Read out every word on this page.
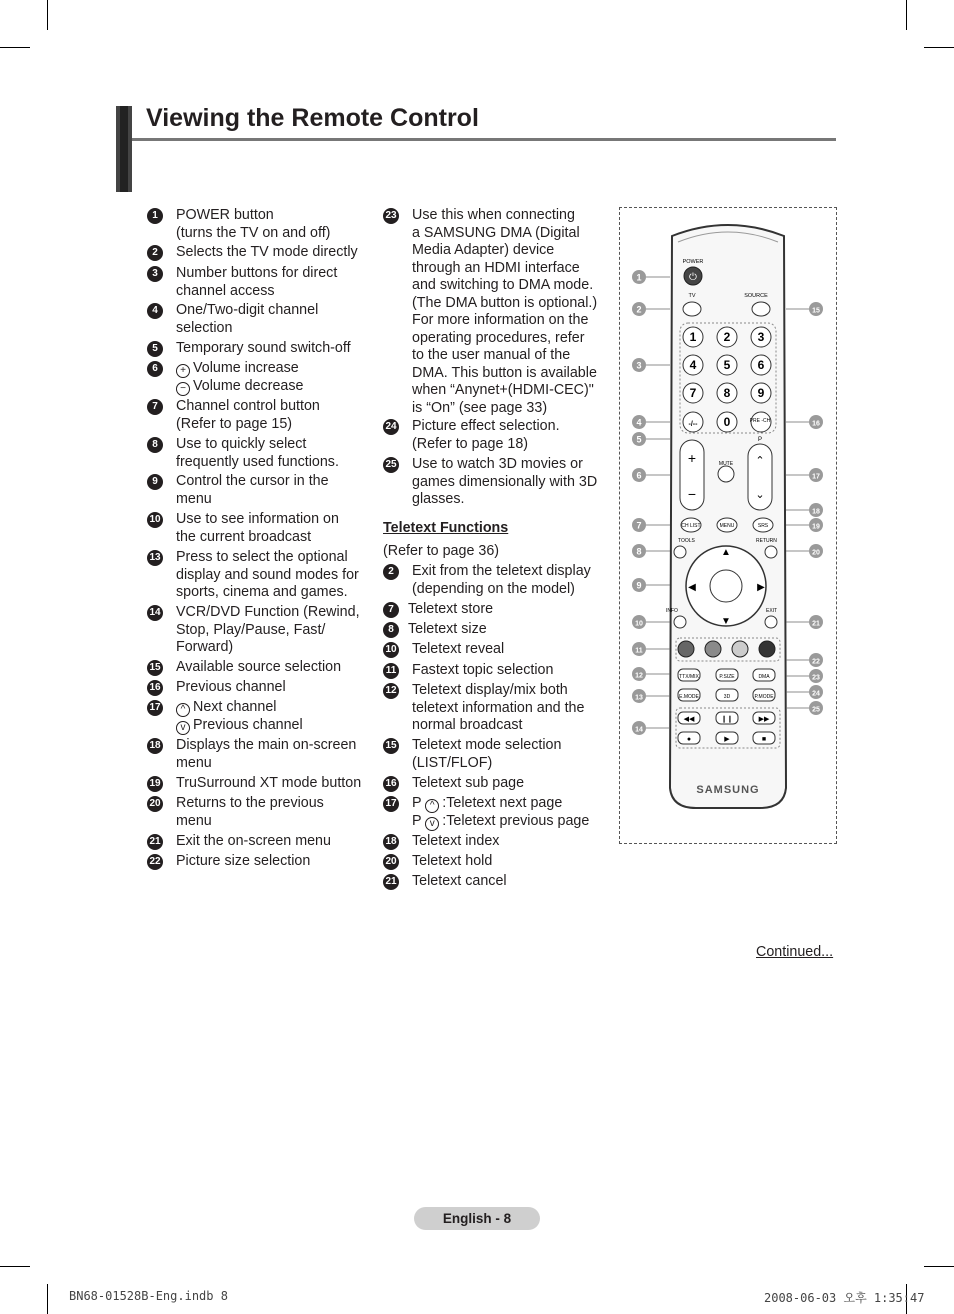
Viewing the Remote Control
1	POWER button
(turns the TV on and off)
2	Selects the TV mode directly
3	Number buttons for direct
channel access
4	One/Two-digit channel
selection
5	Temporary sound switch-off
6	+ Volume increase
− Volume decrease
7	Channel control button
(Refer to page 15)
8	Use to quickly select
frequently used functions.
9	Control the cursor in the
menu
10 Use to see information on
the current broadcast
13 Press to select the optional
display and sound modes for
sports, cinema and games.
14 VCR/DVD Function (Rewind,
Stop, Play/Pause, Fast/
Forward)
15 Available source selection
16 Previous channel
17	^ Next channel
v Previous channel
18 Displays the main on-screen
menu
19 TruSurround XT mode button
20 Returns to the previous
menu
21 Exit the on-screen menu
22 Picture size selection
23 Use this when connecting
a SAMSUNG DMA (Digital
Media Adapter) device
through an HDMI interface
and switching to DMA mode.
(The DMA button is optional.)
For more information on the
operating procedures, refer
to the user manual of the
DMA. This button is available
when “Anynet+(HDMI-CEC)"
is “On” (see page 33)
24 Picture effect selection.
(Refer to page 18)
25 Use to watch 3D movies or
games dimensionally with 3D
glasses.
Teletext Functions
(Refer to page 36)
2	Exit from the teletext display
(depending on the model)
7 Teletext store
8 Teletext size
10 Teletext reveal
11 Fastext topic selection
12 Teletext display/mix both
teletext information and the
normal broadcast
15 Teletext mode selection
(LIST/FLOF)
16 Teletext sub page
17 P ^ :Teletext next page
P v :Teletext previous page
18 Teletext index
20 Teletext hold
21 Teletext cancel
⏻
POWER
TV	SOURCE
1 2 3
4 5 6
7 8 9
-/-- 0	PRE -CH
P
+
−
⌃
⌄
MUTE
CH LIST	MENU	SRS
TOOLS	RETURN
▲
▼
◀	▶
INFO	EXIT
TTX/MIX	P.SIZE	DMA
E.MODE	3D	P.MODE
◀◀	❙❙	▶▶
●	▶	■
SAMSUNG
1
2
3
4
5
6
7
8
9
10
11
12
13
14
15
16
17
18
19
20
21
22
23
24
25
Continued...
English - 8
BN68-01528B-Eng.indb 8	2008-06-03 오후 1:35:47
